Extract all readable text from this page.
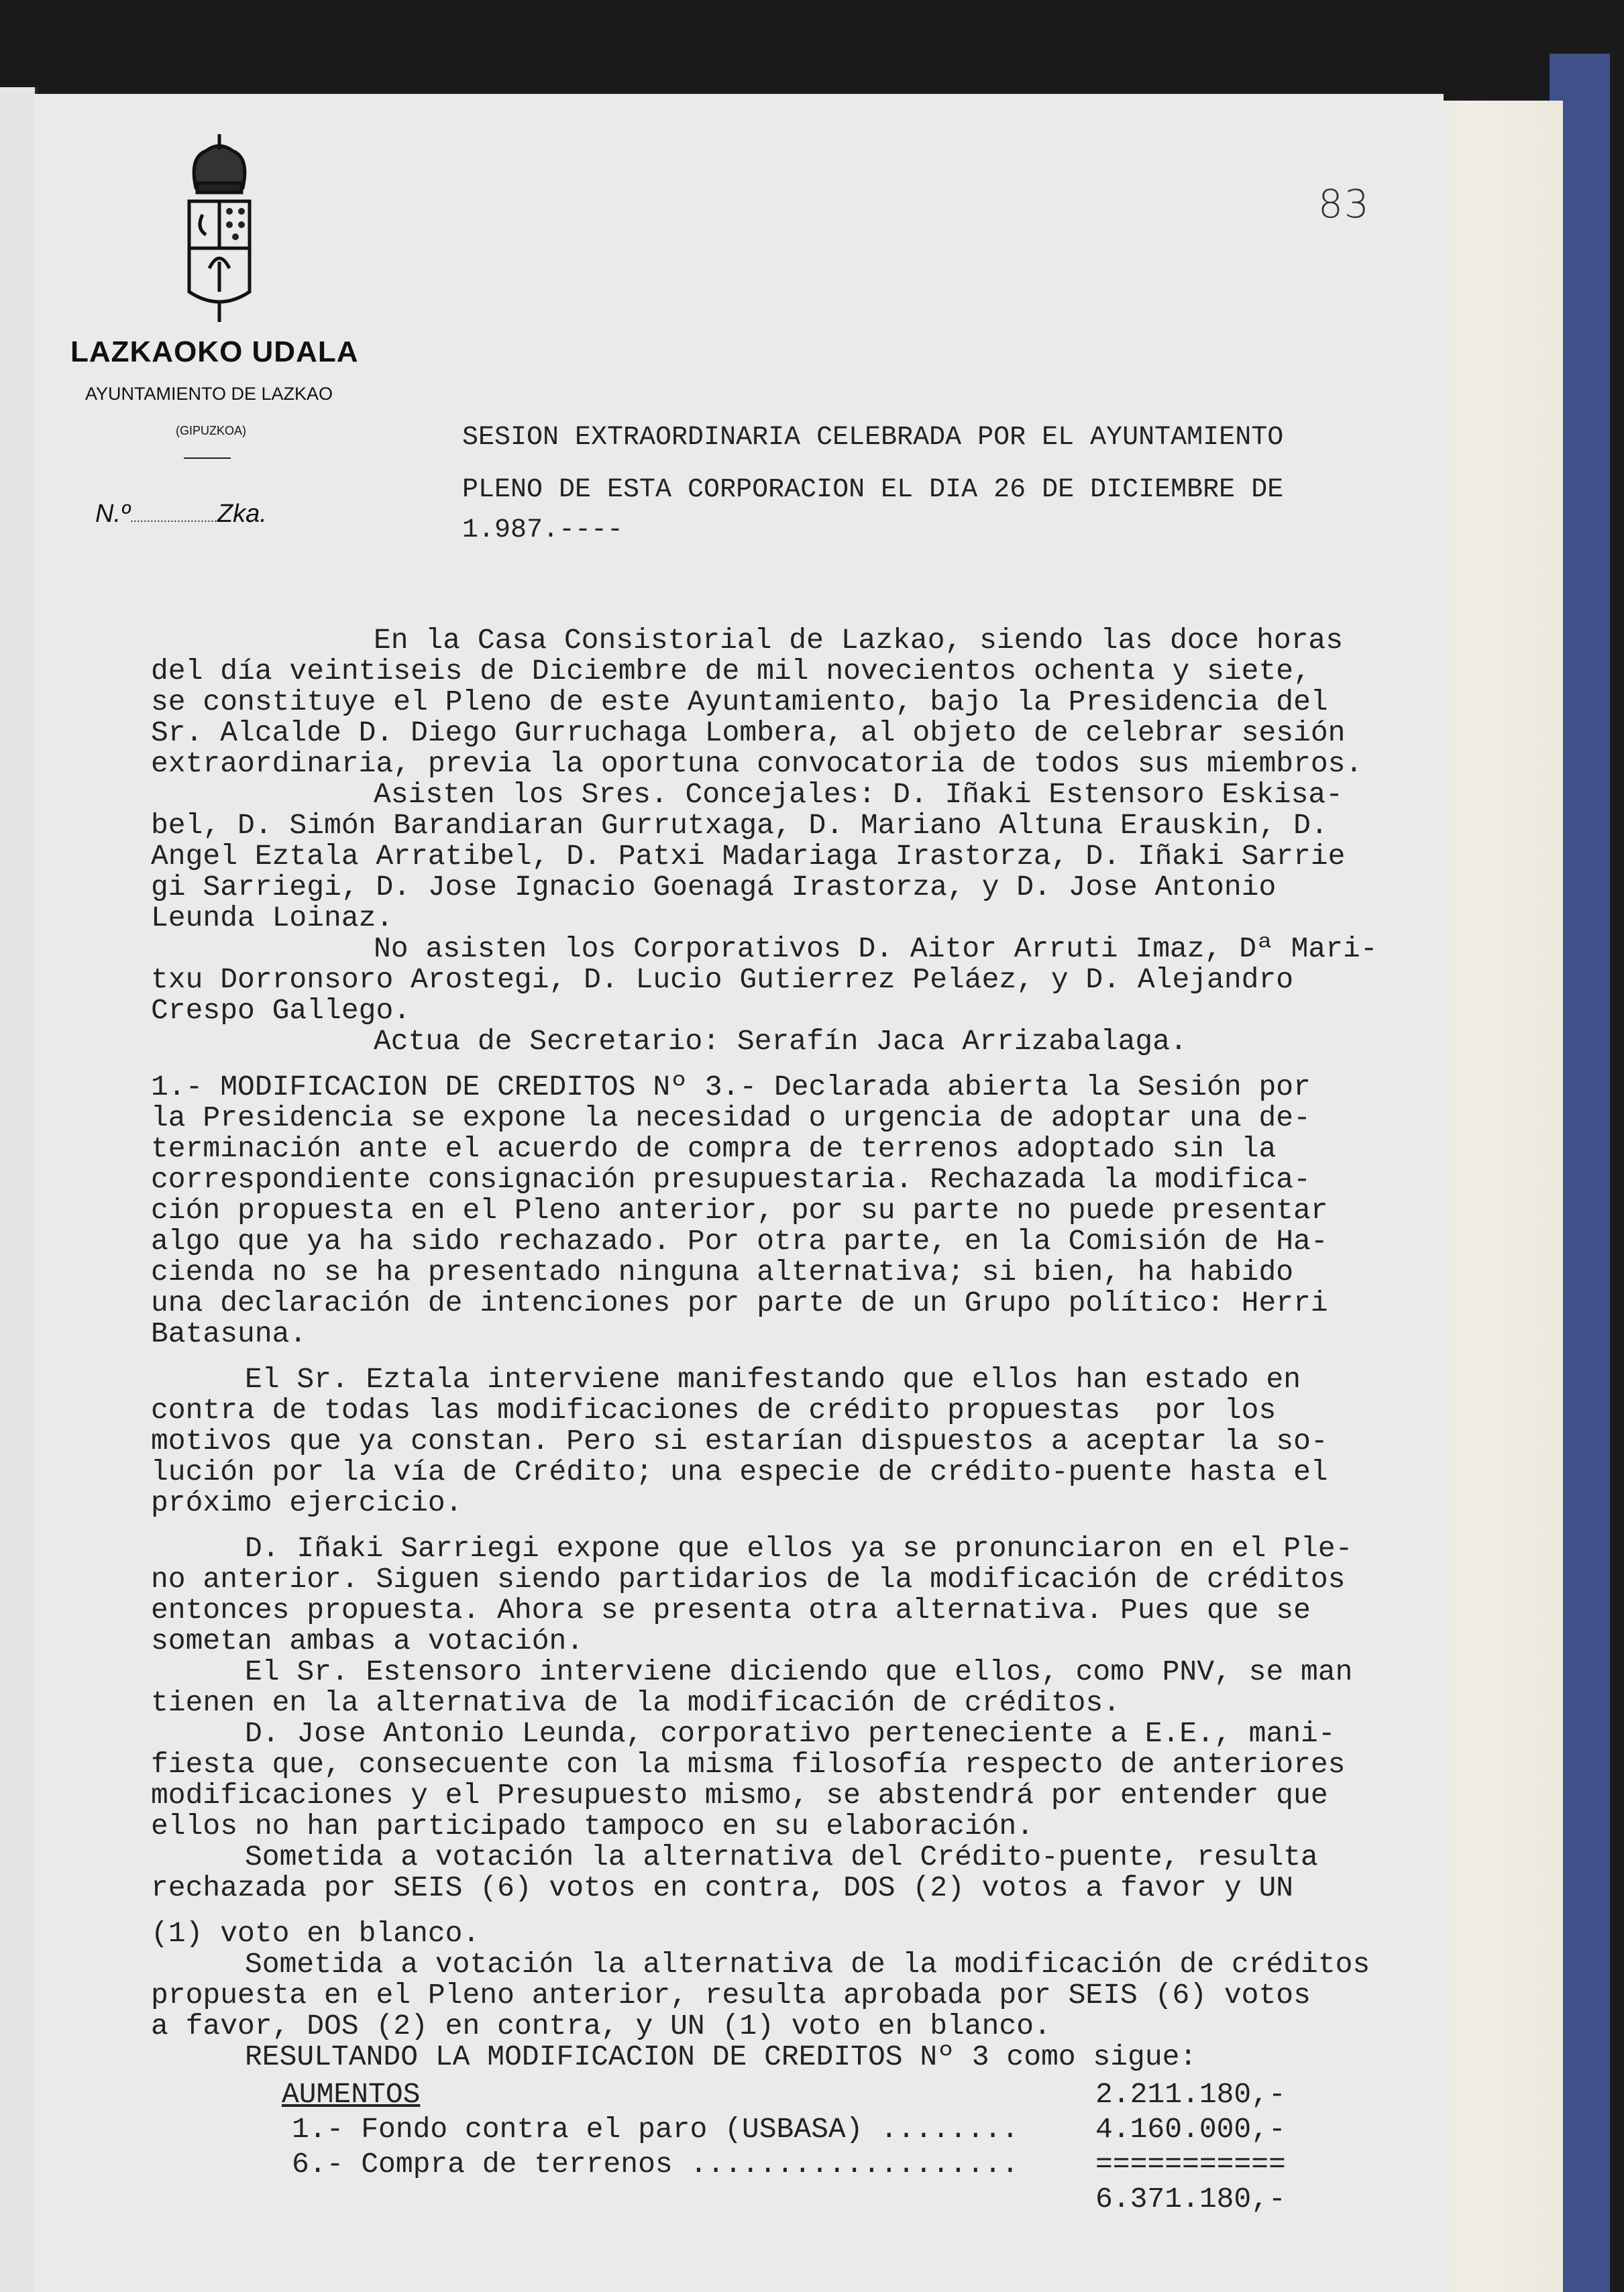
LAZKAOKO UDALA
AYUNTAMIENTO DE LAZKAO
(GIPUZKOA)
N.º..........................Zka.
83
SESION EXTRAORDINARIA CELEBRADA POR EL AYUNTAMIENTO
PLENO DE ESTA CORPORACION EL DIA 26 DE DICIEMBRE DE
1.987.----
En la Casa Consistorial de Lazkao, siendo las doce horas
del día veintiseis de Diciembre de mil novecientos ochenta y siete,
se constituye el Pleno de este Ayuntamiento, bajo la Presidencia del
Sr. Alcalde D. Diego Gurruchaga Lombera, al objeto de celebrar sesión
extraordinaria, previa la oportuna convocatoria de todos sus miembros.
Asisten los Sres. Concejales: D. Iñaki Estensoro Eskisa-
bel, D. Simón Barandiaran Gurrutxaga, D. Mariano Altuna Erauskin, D.
Angel Eztala Arratibel, D. Patxi Madariaga Irastorza, D. Iñaki Sarrie
gi Sarriegi, D. Jose Ignacio Goenagá Irastorza, y D. Jose Antonio
Leunda Loinaz.
No asisten los Corporativos D. Aitor Arruti Imaz, Dª Mari-
txu Dorronsoro Arostegi, D. Lucio Gutierrez Peláez, y D. Alejandro
Crespo Gallego.
Actua de Secretario: Serafín Jaca Arrizabalaga.
1.- MODIFICACION DE CREDITOS Nº 3.- Declarada abierta la Sesión por
la Presidencia se expone la necesidad o urgencia de adoptar una de-
terminación ante el acuerdo de compra de terrenos adoptado sin la
correspondiente consignación presupuestaria. Rechazada la modifica-
ción propuesta en el Pleno anterior, por su parte no puede presentar
algo que ya ha sido rechazado. Por otra parte, en la Comisión de Ha-
cienda no se ha presentado ninguna alternativa; si bien, ha habido
una declaración de intenciones por parte de un Grupo político: Herri
Batasuna.
El Sr. Eztala interviene manifestando que ellos han estado en
contra de todas las modificaciones de crédito propuestas  por los
motivos que ya constan. Pero si estarían dispuestos a aceptar la so-
lución por la vía de Crédito; una especie de crédito-puente hasta el
próximo ejercicio.
D. Iñaki Sarriegi expone que ellos ya se pronunciaron en el Ple-
no anterior. Siguen siendo partidarios de la modificación de créditos
entonces propuesta. Ahora se presenta otra alternativa. Pues que se
sometan ambas a votación.
El Sr. Estensoro interviene diciendo que ellos, como PNV, se man
tienen en la alternativa de la modificación de créditos.
D. Jose Antonio Leunda, corporativo perteneciente a E.E., mani-
fiesta que, consecuente con la misma filosofía respecto de anteriores
modificaciones y el Presupuesto mismo, se abstendrá por entender que
ellos no han participado tampoco en su elaboración.
Sometida a votación la alternativa del Crédito-puente, resulta
rechazada por SEIS (6) votos en contra, DOS (2) votos a favor y UN
(1) voto en blanco.
Sometida a votación la alternativa de la modificación de créditos
propuesta en el Pleno anterior, resulta aprobada por SEIS (6) votos
a favor, DOS (2) en contra, y UN (1) voto en blanco.
RESULTANDO LA MODIFICACION DE CREDITOS Nº 3 como sigue:
AUMENTOS	2.211.180,-
1.- Fondo contra el paro (USBASA) ........	4.160.000,-
6.- Compra de terrenos ...................	===========
6.371.180,-
